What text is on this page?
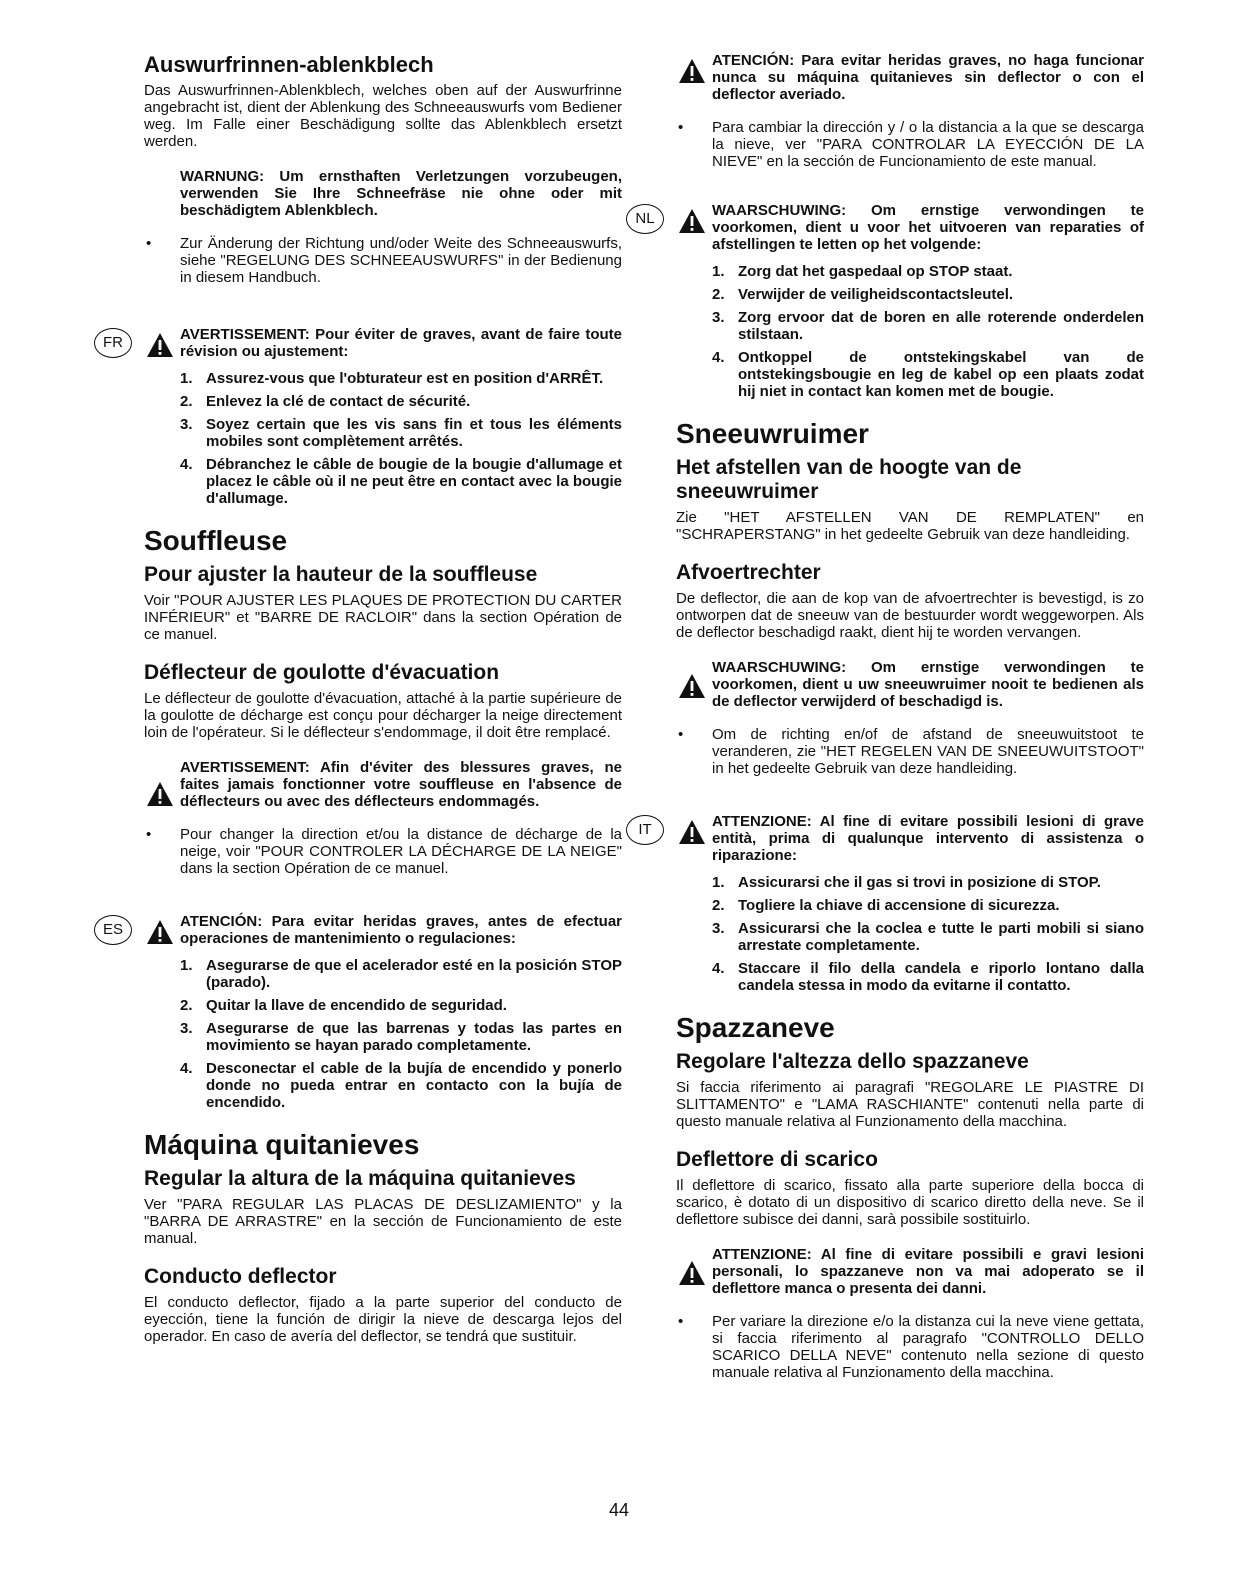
Auswurfrinnen-ablenkblech

Das Auswurfrinnen-Ablenkblech, welches oben auf der Auswurfrinne angebracht ist, dient der Ablenkung des Schneeauswurfs vom Bediener weg. Im Falle einer Beschädigung sollte das Ablenkblech ersetzt werden.

WARNUNG: Um ernsthaften Verletzungen vorzubeugen, verwenden Sie Ihre Schneefräse nie ohne oder mit beschädigtem Ablenkblech.
• Zur Änderung der Richtung und/oder Weite des Schneeauswurfs, siehe "REGELUNG DES SCHNEEAUSWURFS" in der Bedienung in diesem Handbuch.
FR	AVERTISSEMENT: Pour éviter de graves, avant de faire toute révision ou ajustement:
1. Assurez-vous que l'obturateur est en position d'ARRÊT.
2. Enlevez la clé de contact de sécurité.
3. Soyez certain que les vis sans fin et tous les éléments mobiles sont complètement arrêtés.
4. Débranchez le câble de bougie de la bougie d'allumage et placez le câble où il ne peut être en contact avec la bougie d'allumage.
Souffleuse
Pour ajuster la hauteur de la souffleuse

Voir "POUR AJUSTER LES PLAQUES DE PROTECTION DU CARTER INFÉRIEUR" et "BARRE DE RACLOIR" dans la section Opération de ce manuel.

Déflecteur de goulotte d'évacuation

Le déflecteur de goulotte d'évacuation, attaché à la partie supérieure de la goulotte de décharge est conçu pour décharger la neige directement loin de l'opérateur. Si le déflecteur s'endommage, il doit être remplacé.

AVERTISSEMENT: Afin d'éviter des blessures graves, ne faites jamais fonctionner votre souffleuse en l'absence de déflecteurs ou avec des déflecteurs endommagés.
• Pour changer la direction et/ou la distance de décharge de la neige, voir "POUR CONTROLER LA DÉCHARGE DE LA NEIGE" dans la section Opération de ce manuel.
ES	ATENCIÓN: Para evitar heridas graves, antes de efectuar operaciones de mantenimiento o regulaciones:
1. Asegurarse de que el acelerador esté en la posición STOP (parado).
2. Quitar la llave de encendido de seguridad.
3. Asegurarse de que las barrenas y todas las partes en movimiento se hayan parado completamente.
4. Desconectar el cable de la bujía de encendido y ponerlo donde no pueda entrar en contacto con la bujía de encendido.
Máquina quitanieves
Regular la altura de la máquina quitanieves

Ver "PARA REGULAR LAS PLACAS DE DESLIZAMIENTO" y la "BARRA DE ARRASTRE" en la sección de Funcionamiento de este manual.

Conducto deflector

El conducto deflector, fijado a la parte superior del conducto de eyección, tiene la función de dirigir la nieve de descarga lejos del operador. En caso de avería del deflector, se tendrá que sustituir.

ATENCIÓN: Para evitar heridas graves, no haga funcionar nunca su máquina quitanieves sin deflector o con el deflector averiado.
• Para cambiar la dirección y / o la distancia a la que se descarga la nieve, ver "PARA CONTROLAR LA EYECCIÓN DE LA NIEVE" en la sección de Funcionamiento de este manual.
NL	WAARSCHUWING: Om ernstige verwondingen te voorkomen, dient u voor het uitvoeren van reparaties of afstellingen te letten op het volgende:
1. Zorg dat het gaspedaal op STOP staat.
2. Verwijder de veiligheidscontactsleutel.
3. Zorg ervoor dat de boren en alle roterende onderdelen stilstaan.
4. Ontkoppel de ontstekingskabel van de ontstekingsbougie en leg de kabel op een plaats zodat hij niet in contact kan komen met de bougie.
Sneeuwruimer
Het afstellen van de hoogte van de sneeuwruimer

Zie "HET AFSTELLEN VAN DE REMPLATEN" en "SCHRAPERSTANG" in het gedeelte Gebruik van deze handleiding.

Afvoertrechter

De deflector, die aan de kop van de afvoertrechter is bevestigd, is zo ontworpen dat de sneeuw van de bestuurder wordt weggeworpen. Als de deflector beschadigd raakt, dient hij te worden vervangen.

WAARSCHUWING: Om ernstige verwondingen te voorkomen, dient u uw sneeuwruimer nooit te bedienen als de deflector verwijderd of beschadigd is.
• Om de richting en/of de afstand de sneeuwuitstoot te veranderen, zie "HET REGELEN VAN DE SNEEUWUITSTOOT" in het gedeelte Gebruik van deze handleiding.
IT	ATTENZIONE: Al fine di evitare possibili lesioni di grave entità, prima di qualunque intervento di assistenza o riparazione:
1. Assicurarsi che il gas si trovi in posizione di STOP.
2. Togliere la chiave di accensione di sicurezza.
3. Assicurarsi che la coclea e tutte le parti mobili si siano arrestate completamente.
4. Staccare il filo della candela e riporlo lontano dalla candela stessa in modo da evitarne il contatto.
Spazzaneve
Regolare l'altezza dello spazzaneve

Si faccia riferimento ai paragrafi "REGOLARE LE PIASTRE DI SLITTAMENTO" e "LAMA RASCHIANTE" contenuti nella parte di questo manuale relativa al Funzionamento della macchina.

Deflettore di scarico

Il deflettore di scarico, fissato alla parte superiore della bocca di scarico, è dotato di un dispositivo di scarico diretto della neve. Se il deflettore subisce dei danni, sarà possibile sostituirlo.

ATTENZIONE: Al fine di evitare possibili e gravi lesioni personali, lo spazzaneve non va mai adoperato se il deflettore manca o presenta dei danni.
• Per variare la direzione e/o la distanza cui la neve viene gettata, si faccia riferimento al paragrafo "CONTROLLO DELLO SCARICO DELLA NEVE" contenuto nella sezione di questo manuale relativa al Funzionamento della macchina.
44
